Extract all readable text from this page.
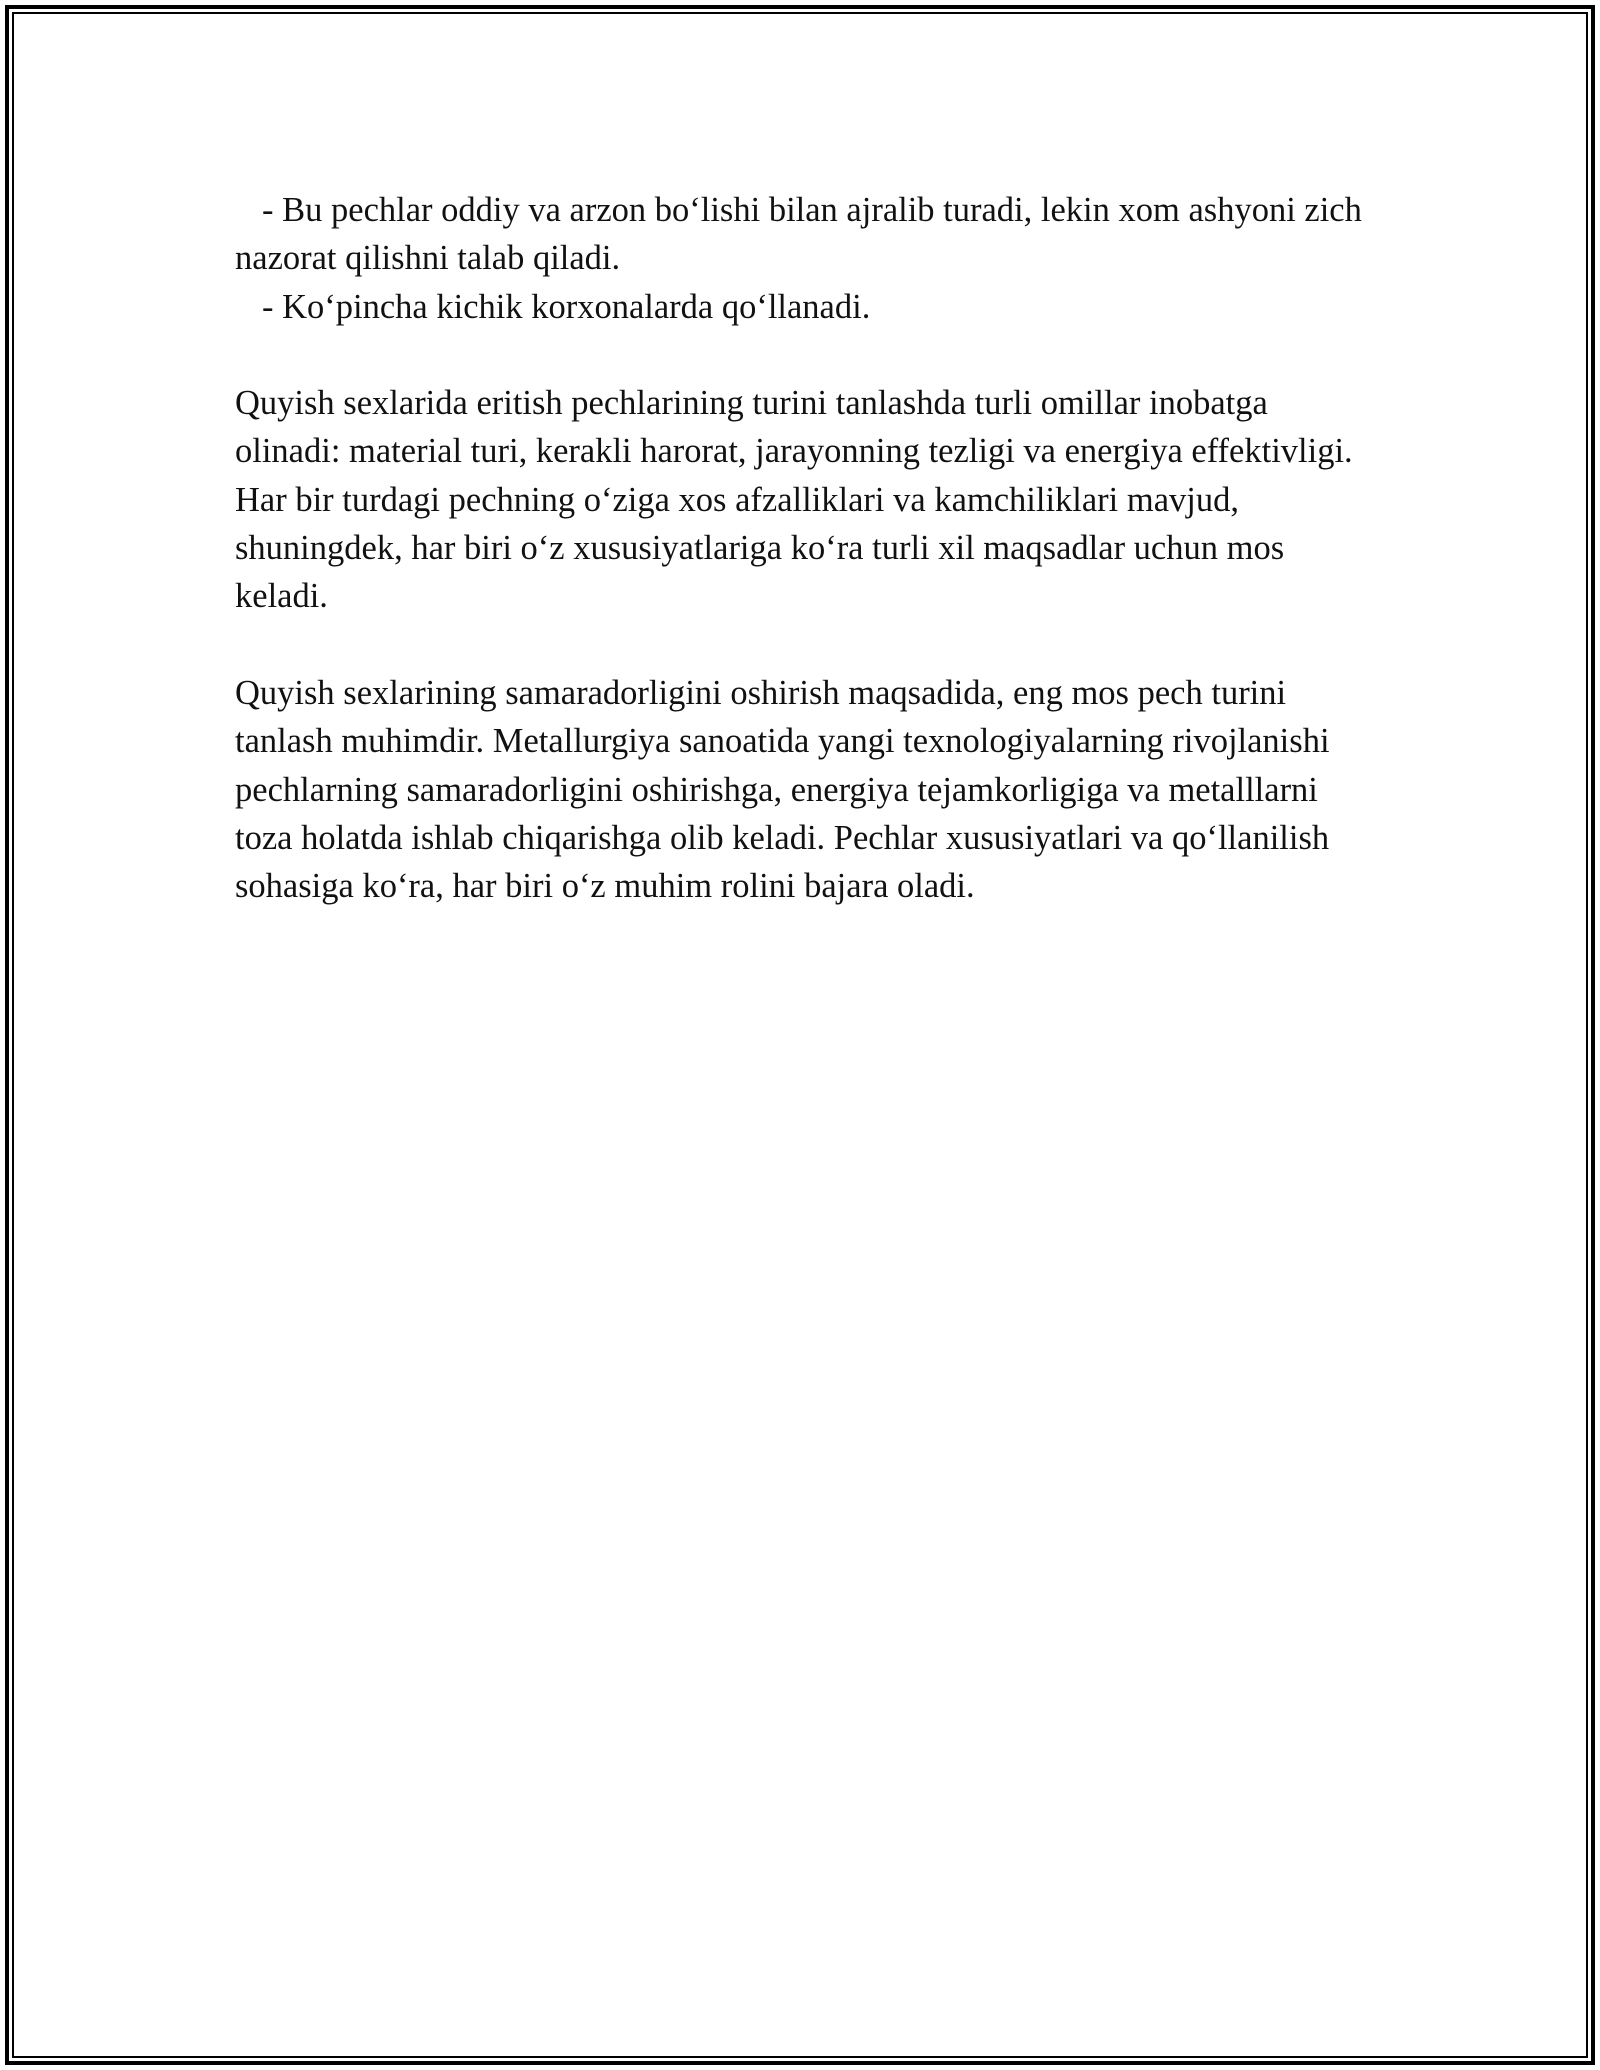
- Bu pechlar oddiy va arzon bo‘lishi bilan ajralib turadi, lekin xom ashyoni zich nazorat qilishni talab qiladi.

- Ko‘pincha kichik korxonalarda qo‘llanadi.

Quyish sexlarida eritish pechlarining turini tanlashda turli omillar inobatga olinadi: material turi, kerakli harorat, jarayonning tezligi va energiya effektivligi. Har bir turdagi pechning o‘ziga xos afzalliklari va kamchiliklari mavjud, shuningdek, har biri o‘z xususiyatlariga ko‘ra turli xil maqsadlar uchun mos keladi.

Quyish sexlarining samaradorligini oshirish maqsadida, eng mos pech turini tanlash muhimdir. Metallurgiya sanoatida yangi texnologiyalarning rivojlanishi pechlarning samaradorligini oshirishga, energiya tejamkorligiga va metalllarni toza holatda ishlab chiqarishga olib keladi. Pechlar xususiyatlari va qo‘llanilish sohasiga ko‘ra, har biri o‘z muhim rolini bajara oladi.
